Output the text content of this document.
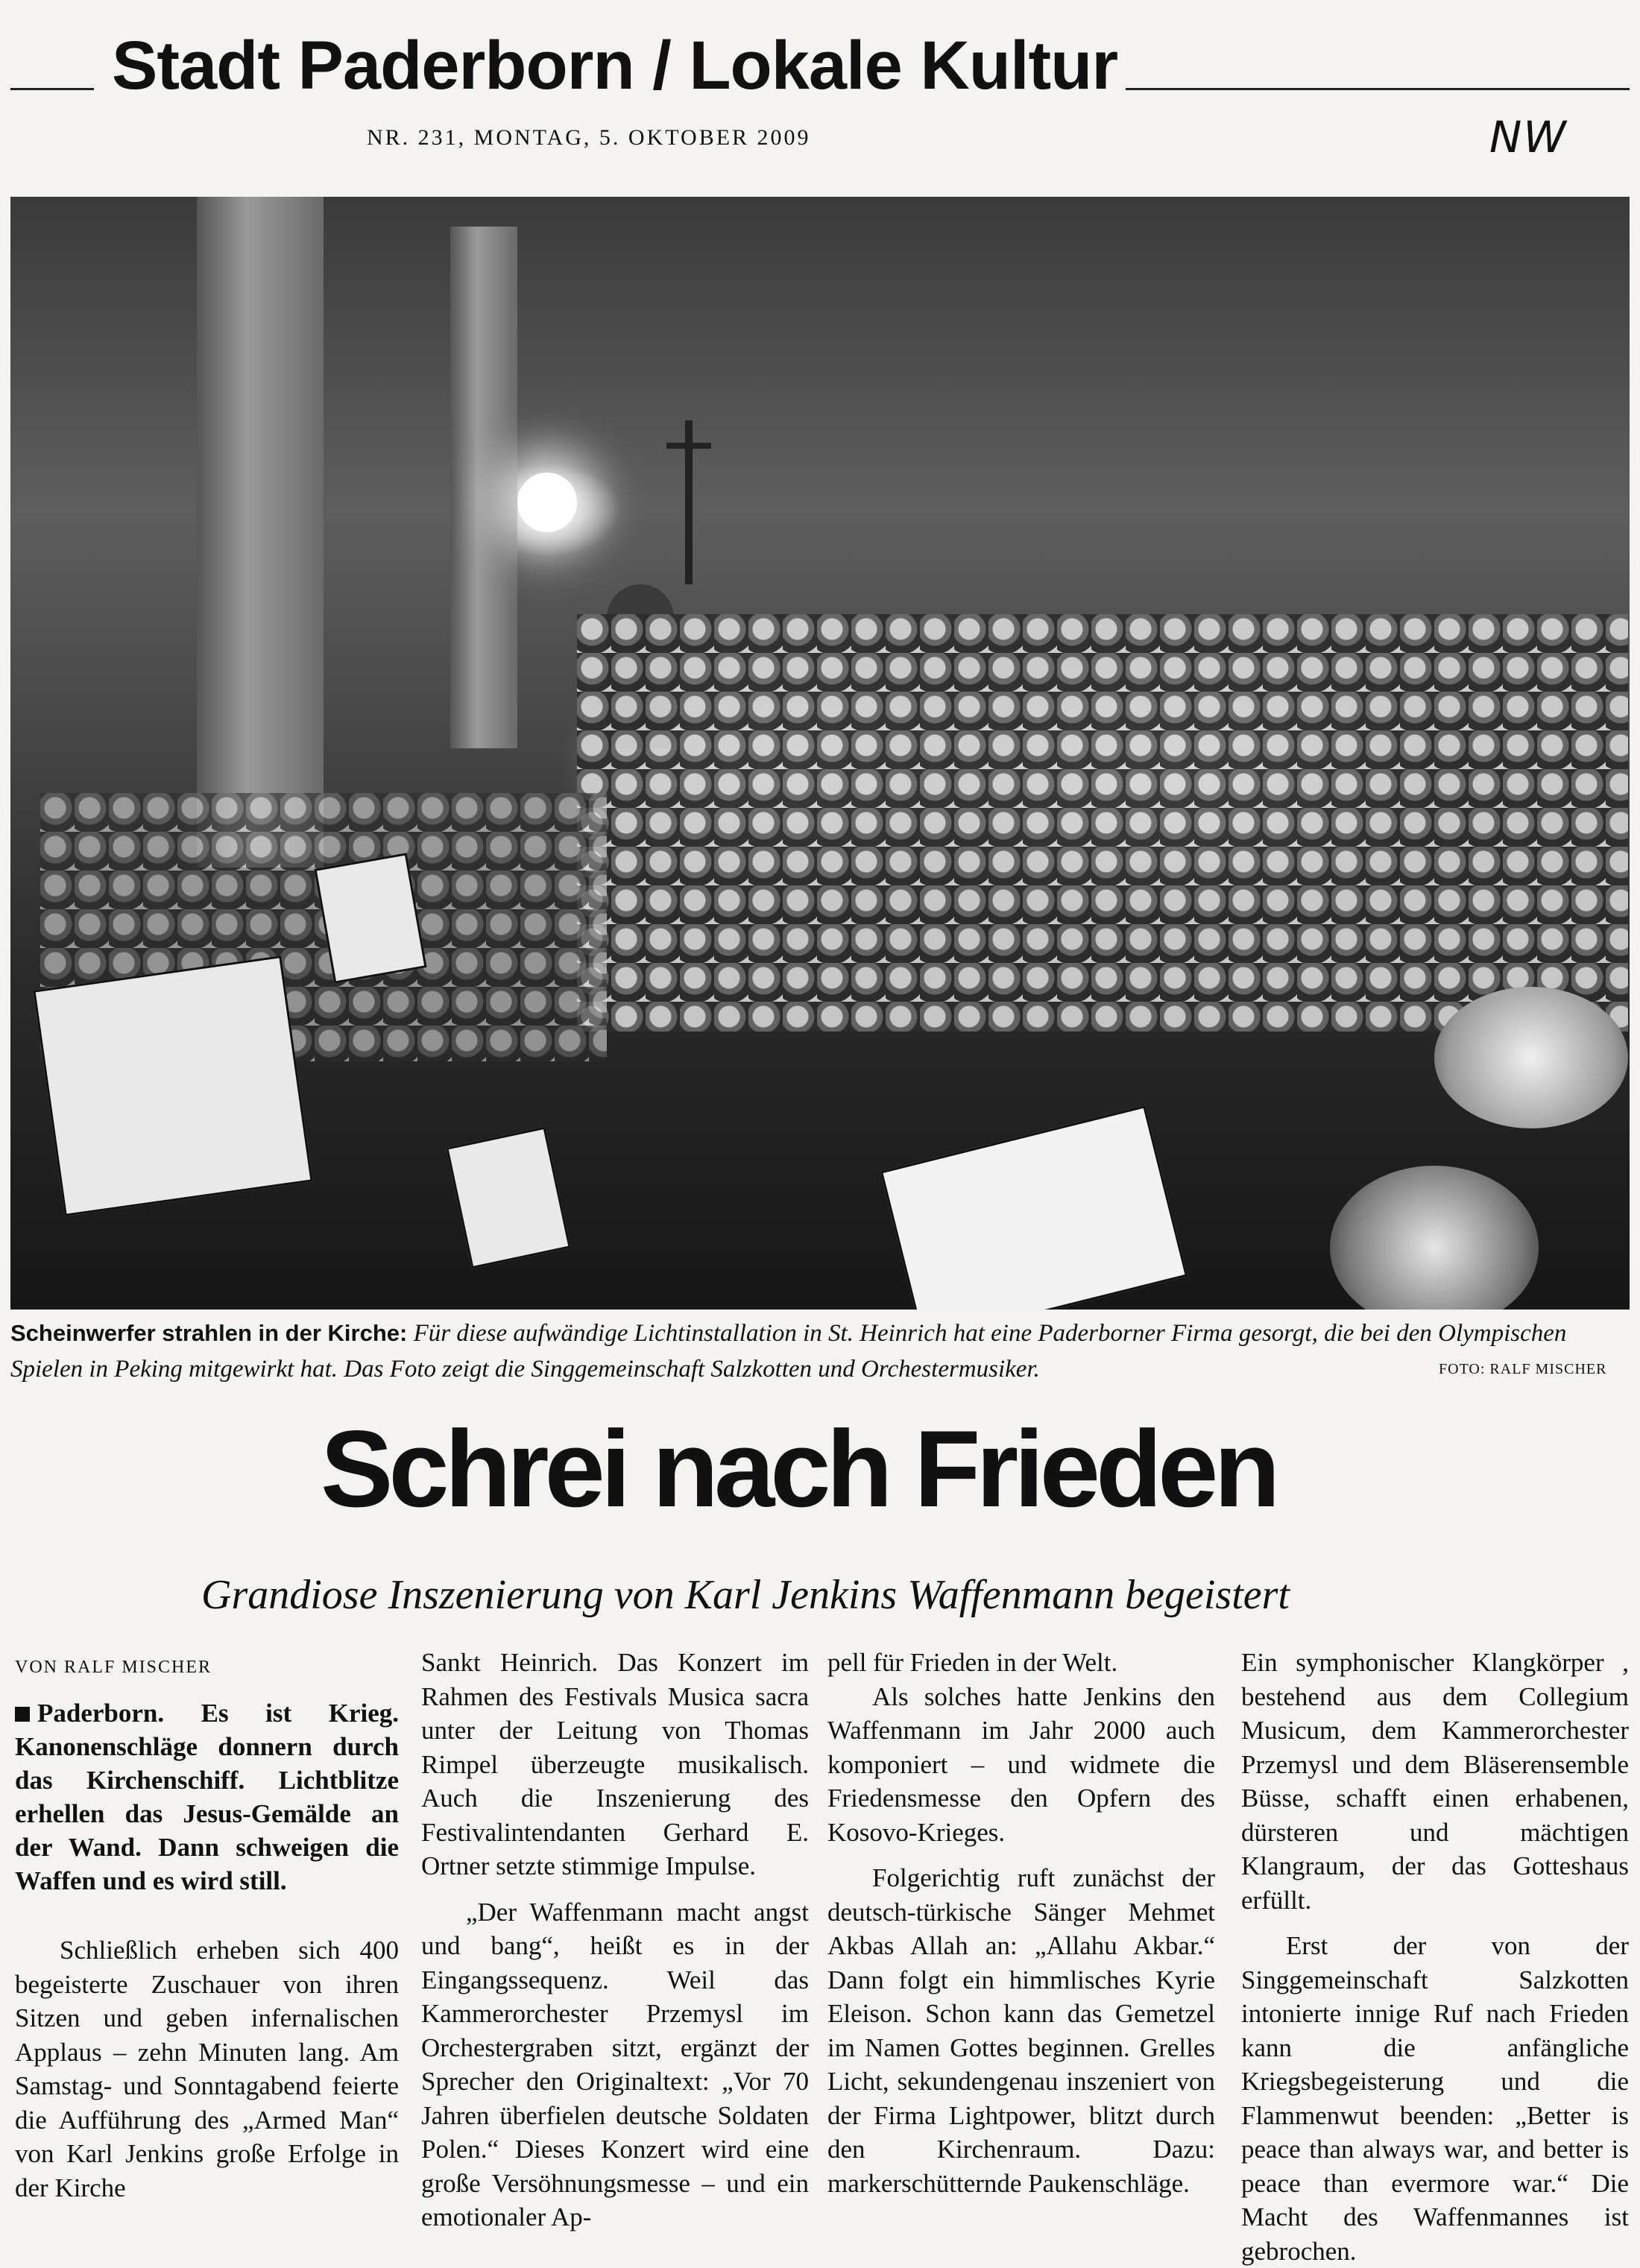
Stadt Paderborn / Lokale Kultur
NR. 231, MONTAG, 5. OKTOBER 2009	NW
Scheinwerfer strahlen in der Kirche: Für diese aufwändige Lichtinstallation in St. Heinrich hat eine Paderborner Firma gesorgt, die bei den Olympischen Spielen in Peking mitgewirkt hat. Das Foto zeigt die Singgemeinschaft Salzkotten und Orchestermusiker.	FOTO: RALF MISCHER
Schrei nach Frieden
Grandiose Inszenierung von Karl Jenkins Waffenmann begeistert
VON RALF MISCHER
Paderborn. Es ist Krieg. Kanonenschläge donnern durch das Kirchenschiff. Lichtblitze erhellen das Jesus-Gemälde an der Wand. Dann schweigen die Waffen und es wird still.

Schließlich erheben sich 400 begeisterte Zuschauer von ihren Sitzen und geben infernalischen Applaus – zehn Minuten lang. Am Samstag- und Sonntagabend feierte die Aufführung des „Armed Man“ von Karl Jenkins große Erfolge in der Kirche

Sankt Heinrich. Das Konzert im Rahmen des Festivals Musica sacra unter der Leitung von Thomas Rimpel überzeugte musikalisch. Auch die Inszenierung des Festivalintendanten Gerhard E. Ortner setzte stimmige Impulse.

„Der Waffenmann macht angst und bang“, heißt es in der Eingangssequenz. Weil das Kammerorchester Przemysl im Orchestergraben sitzt, ergänzt der Sprecher den Originaltext: „Vor 70 Jahren überfielen deutsche Soldaten Polen.“ Dieses Konzert wird eine große Versöhnungsmesse – und ein emotionaler Ap-

pell für Frieden in der Welt.

Als solches hatte Jenkins den Waffenmann im Jahr 2000 auch komponiert – und widmete die Friedensmesse den Opfern des Kosovo-Krieges.

Folgerichtig ruft zunächst der deutsch-türkische Sänger Mehmet Akbas Allah an: „Allahu Akbar.“ Dann folgt ein himmlisches Kyrie Eleison. Schon kann das Gemetzel im Namen Gottes beginnen. Grelles Licht, sekundengenau inszeniert von der Firma Lightpower, blitzt durch den Kirchenraum. Dazu: markerschütternde Paukenschläge.

Ein symphonischer Klangkörper , bestehend aus dem Collegium Musicum, dem Kammerorchester Przemysl und dem Bläserensemble Büsse, schafft einen erhabenen, dürsteren und mächtigen Klangraum, der das Gotteshaus erfüllt.

Erst der von der Singgemeinschaft Salzkotten intonierte innige Ruf nach Frieden kann die anfängliche Kriegsbegeisterung und die Flammenwut beenden: „Better is peace than always war, and better is peace than evermore war.“ Die Macht des Waffenmannes ist gebrochen.
